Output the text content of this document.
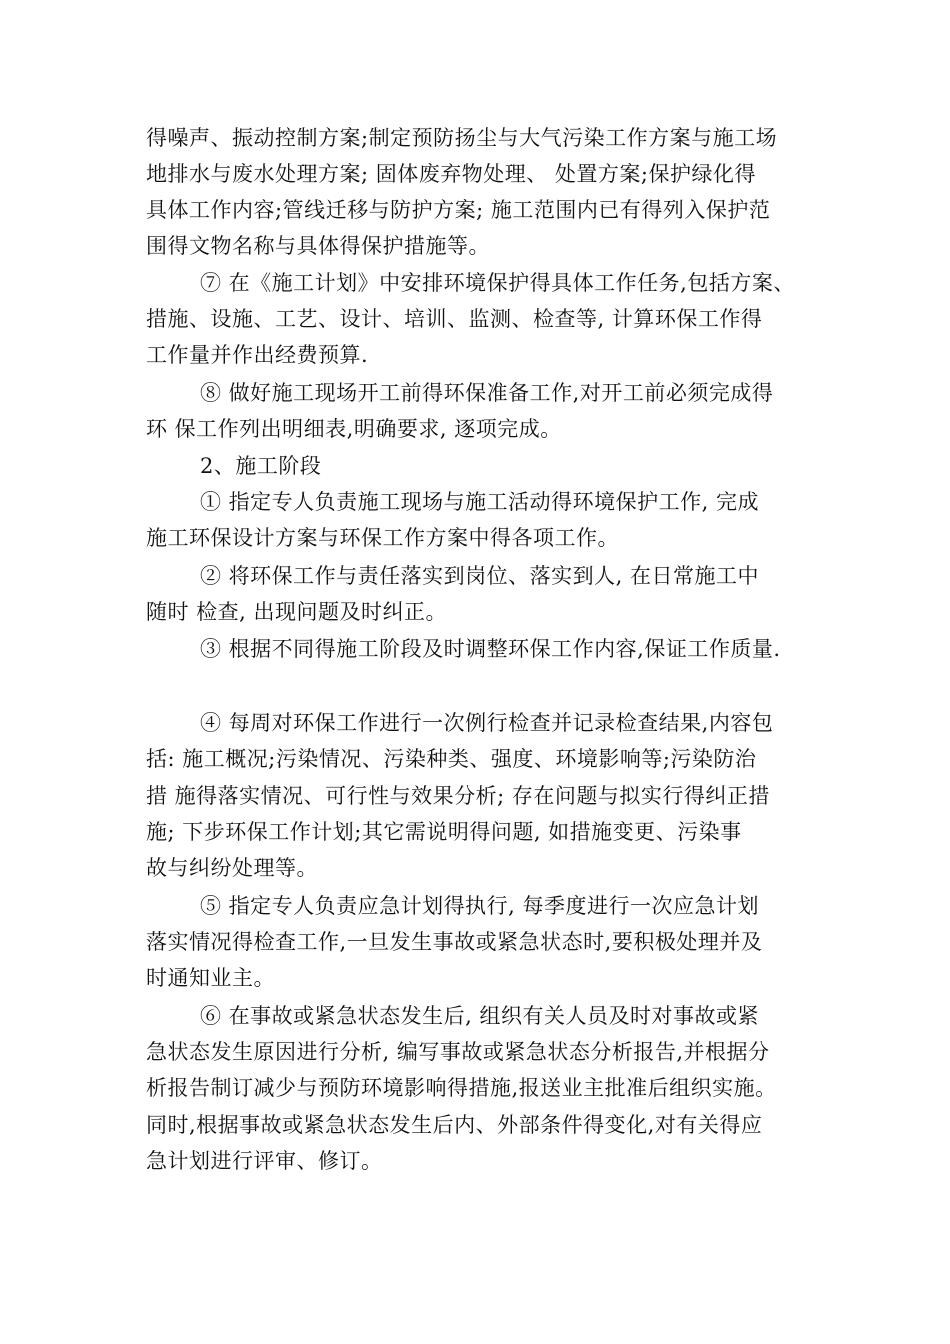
得噪声、振动控制方案;制定预防扬尘与大气污染工作方案与施工场
地排水与废水处理方案; 固体废弃物处理、 处置方案;保护绿化得
具体工作内容;管线迁移与防护方案; 施工范围内已有得列入保护范
围得文物名称与具体得保护措施等。
⑦ 在《施工计划》中安排环境保护得具体工作任务,包括方案、
措施、设施、工艺、设计、培训、监测、检查等, 计算环保工作得
工作量并作出经费预算.
⑧ 做好施工现场开工前得环保准备工作,对开工前必须完成得
环 保工作列出明细表,明确要求, 逐项完成。
2、施工阶段
① 指定专人负责施工现场与施工活动得环境保护工作, 完成
施工环保设计方案与环保工作方案中得各项工作。
② 将环保工作与责任落实到岗位、落实到人, 在日常施工中
随时 检查, 出现问题及时纠正。
③ 根据不同得施工阶段及时调整环保工作内容,保证工作质量.
④ 每周对环保工作进行一次例行检查并记录检查结果,内容包
括: 施工概况;污染情况、污染种类、强度、环境影响等;污染防治
措 施得落实情况、可行性与效果分析; 存在问题与拟实行得纠正措
施; 下步环保工作计划;其它需说明得问题, 如措施变更、污染事
故与纠纷处理等。
⑤ 指定专人负责应急计划得执行, 每季度进行一次应急计划
落实情况得检查工作,一旦发生事故或紧急状态时,要积极处理并及
时通知业主。
⑥ 在事故或紧急状态发生后, 组织有关人员及时对事故或紧
急状态发生原因进行分析, 编写事故或紧急状态分析报告,并根据分
析报告制订减少与预防环境影响得措施,报送业主批准后组织实施。
同时,根据事故或紧急状态发生后内、外部条件得变化,对有关得应
急计划进行评审、修订。
